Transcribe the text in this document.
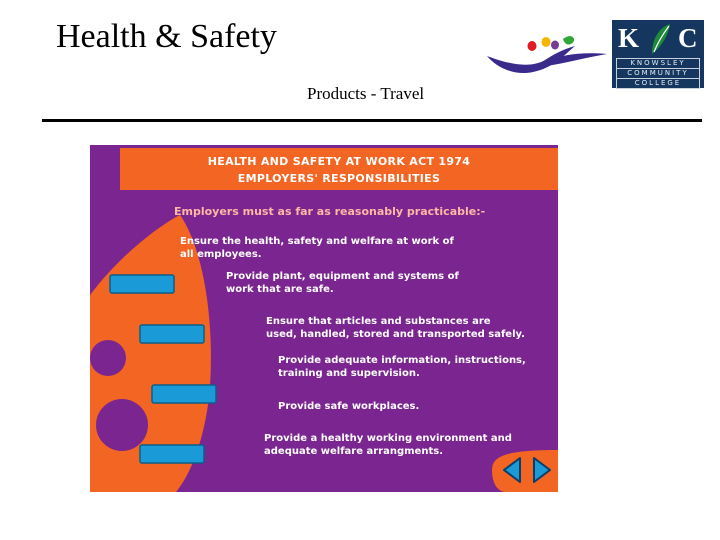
Health & Safety	K C
KNOWSLEY
COMMUNITY
COLLEGE
Products - Travel
HEALTH AND SAFETY AT WORK ACT 1974
EMPLOYERS' RESPONSIBILITIES
Employers must as far as reasonably practicable:-
Ensure the health, safety and welfare at work of
all employees.
Provide plant, equipment and systems of
work that are safe.
Ensure that articles and substances are
used, handled, stored and transported safely.
Provide adequate information, instructions,
training and supervision.
Provide safe workplaces.
Provide a healthy working environment and
adequate welfare arrangments.
